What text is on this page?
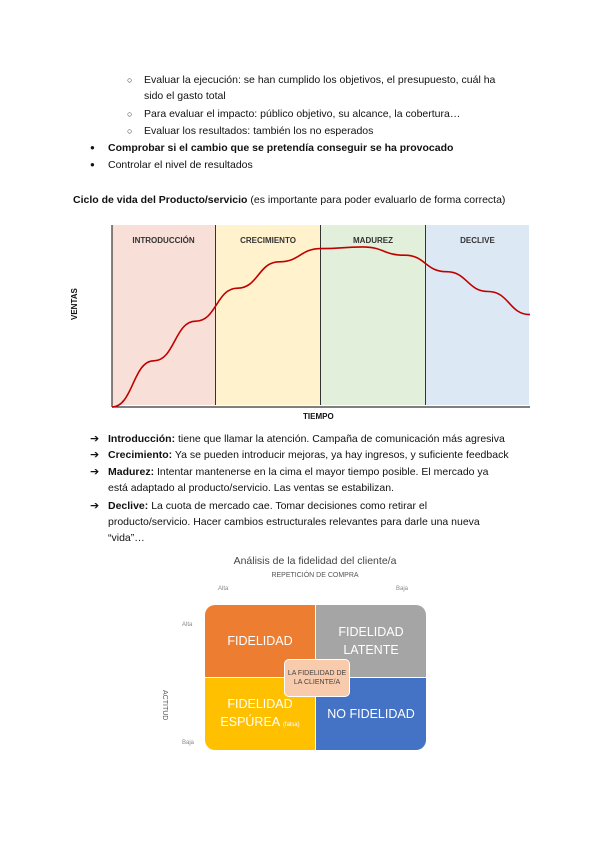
○ Evaluar la ejecución: se han cumplido los objetivos, el presupuesto, cuál ha
sido el gasto total
○ Para evaluar el impacto: público objetivo, su alcance, la cobertura…
○ Evaluar los resultados: también los no esperados
● Comprobar si el cambio que se pretendía conseguir se ha provocado
● Controlar el nivel de resultados
Ciclo de vida del Producto/servicio (es importante para poder evaluarlo de forma correcta)
INTRODUCCIÓN	CRECIMIENTO	MADUREZ	DECLIVE
VENTAS
TIEMPO
➔ Introducción: tiene que llamar la atención. Campaña de comunicación más agresiva
➔ Crecimiento: Ya se pueden introducir mejoras, ya hay ingresos, y suficiente feedback
➔ Madurez: Intentar mantenerse en la cima el mayor tiempo posible. El mercado ya
está adaptado al producto/servicio. Las ventas se estabilizan.
➔ Declive: La cuota de mercado cae. Tomar decisiones como retirar el
producto/servicio. Hacer cambios estructurales relevantes para darle una nueva
“vida”…
Análisis de la fidelidad del cliente/a
REPETICIÓN DE COMPRA
Alta	Baja
Alta
Baja
ACTITUD
FIDELIDAD
FIDELIDAD
LATENTE
FIDELIDAD
ESPÚREA (falsa)
NO FIDELIDAD
LA FIDELIDAD DE
LA CLIENTE/A
